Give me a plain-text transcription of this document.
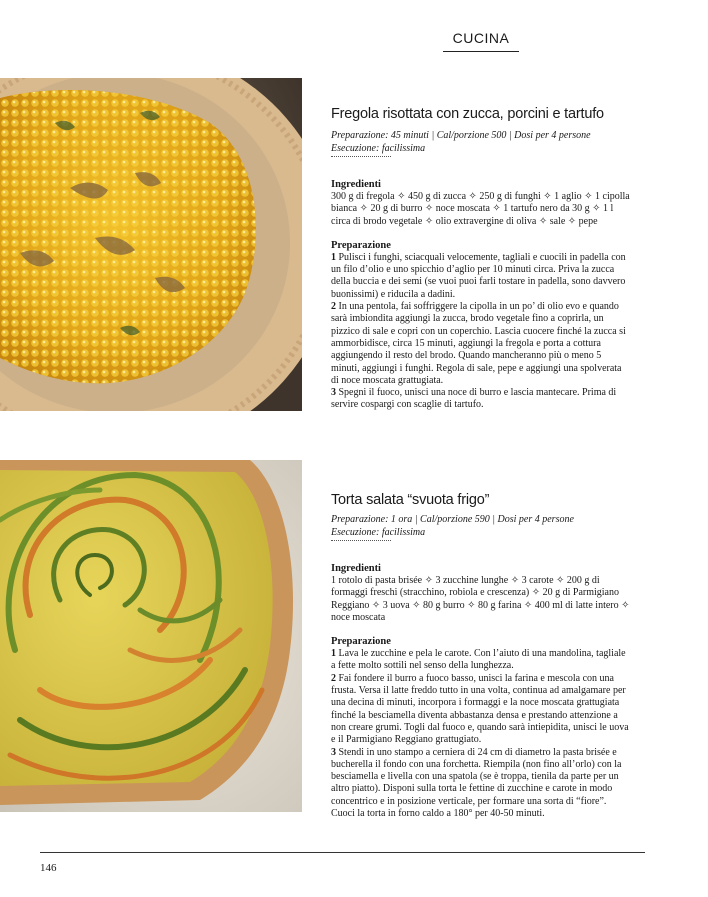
CUCINA
Fregola risottata con zucca, porcini e tartufo
Preparazione: 45 minuti | Cal/porzione 500 | Dosi per 4 persone
Esecuzione: facilissima
Ingredienti
300 g di fregola ✧ 450 g di zucca ✧ 250 g di funghi ✧ 1 aglio ✧ 1 cipolla bianca ✧ 20 g di burro ✧ noce moscata ✧ 1 tartufo nero da 30 g ✧ 1 l circa di brodo vegetale ✧ olio extravergine di oliva ✧ sale ✧ pepe
Preparazione

1 Pulisci i funghi, sciacquali velocemente, tagliali e cuocili in padella con un filo d’olio e uno spicchio d’aglio per 10 minuti circa. Priva la zucca della buccia e dei semi (se vuoi puoi farli tostare in padella, sono davvero buonissimi) e riducila a dadini.

2 In una pentola, fai soffriggere la cipolla in un po’ di olio evo e quando sarà imbiondita aggiungi la zucca, brodo vegetale fino a coprirla, un pizzico di sale e copri con un coperchio. Lascia cuocere finché la zucca si ammorbidisce, circa 15 minuti, aggiungi la fregola e porta a cottura aggiungendo il resto del brodo. Quando mancheranno più o meno 5 minuti, aggiungi i funghi. Regola di sale, pepe e aggiungi una spolverata di noce moscata grattugiata.

3 Spegni il fuoco, unisci una noce di burro e lascia mantecare. Prima di servire cospargi con scaglie di tartufo.

Torta salata “svuota frigo”
Preparazione: 1 ora | Cal/porzione 590 | Dosi per 4 persone
Esecuzione: facilissima
Ingredienti
1 rotolo di pasta brisée ✧ 3 zucchine lunghe ✧ 3 carote ✧ 200 g di formaggi freschi (stracchino, robiola e crescenza) ✧ 20 g di Parmigiano Reggiano ✧ 3 uova ✧ 80 g burro ✧ 80 g farina ✧ 400 ml di latte intero ✧ noce moscata
Preparazione

1 Lava le zucchine e pela le carote. Con l’aiuto di una mandolina, tagliale a fette molto sottili nel senso della lunghezza.

2 Fai fondere il burro a fuoco basso, unisci la farina e mescola con una frusta. Versa il latte freddo tutto in una volta, continua ad amalgamare per una decina di minuti, incorpora i formaggi e la noce moscata grattugiata finché la besciamella diventa abbastanza densa e prestando attenzione a non creare grumi. Togli dal fuoco e, quando sarà intiepidita, unisci le uova e il Parmigiano Reggiano grattugiato.

3 Stendi in uno stampo a cerniera di 24 cm di diametro la pasta brisée e bucherella il fondo con una forchetta. Riempila (non fino all’orlo) con la besciamella e livella con una spatola (se è troppa, tienila da parte per un altro piatto). Disponi sulla torta le fettine di zucchine e carote in modo concentrico e in posizione verticale, per formare una sorta di “fiore”. Cuoci la torta in forno caldo a 180° per 40-50 minuti.

146
